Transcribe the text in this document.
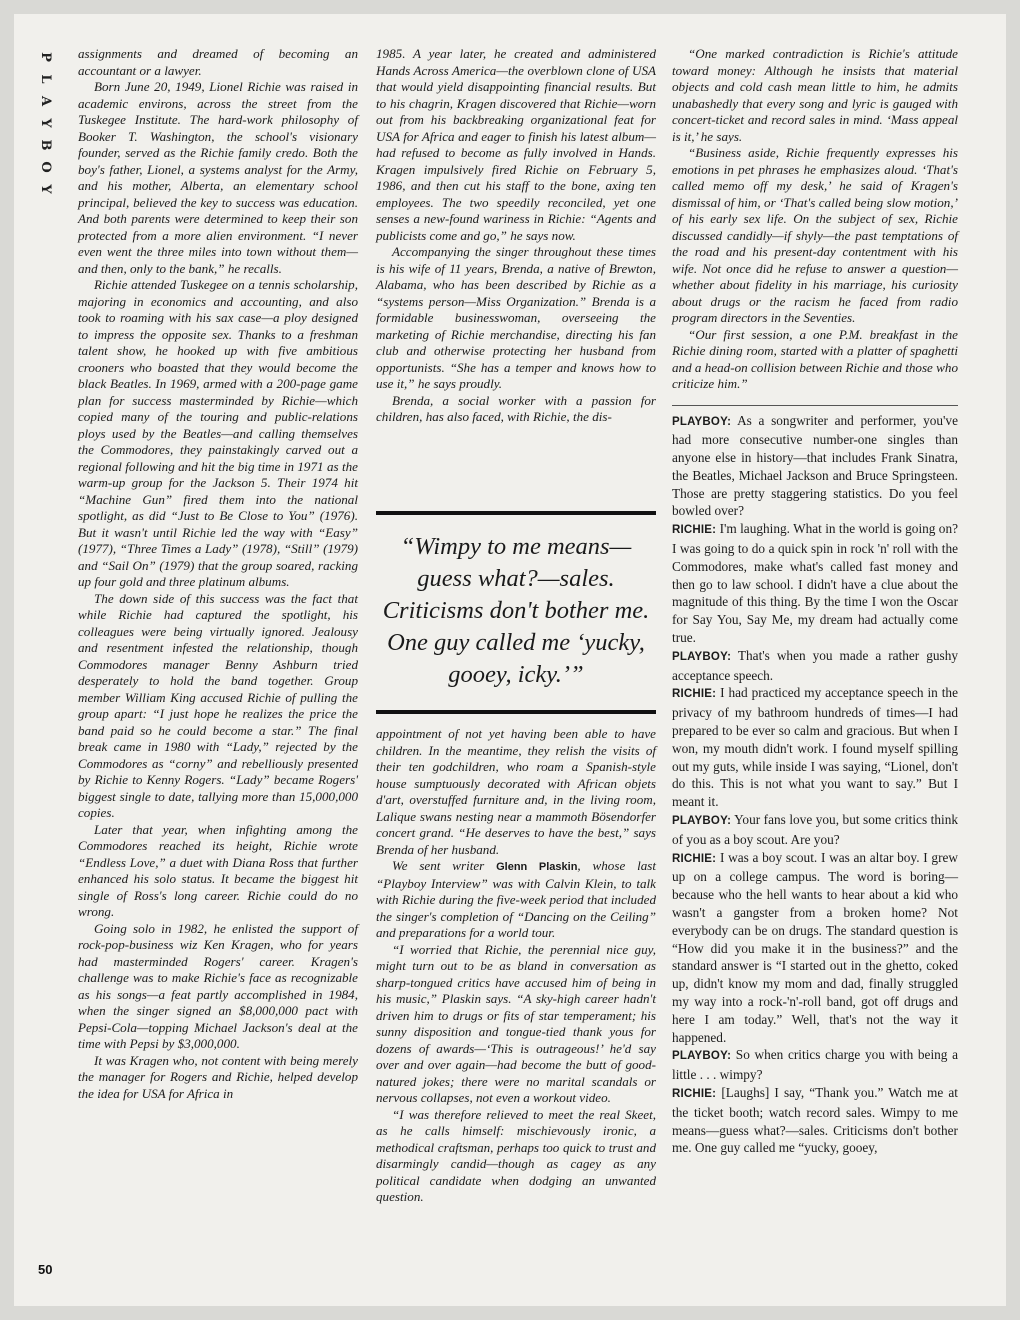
P
L
A
Y
B
O
Y
50

assignments and dreamed of becoming an accountant or a lawyer.

Born June 20, 1949, Lionel Richie was raised in academic environs, across the street from the Tuskegee Institute. The hard-work philosophy of Booker T. Washington, the school's visionary founder, served as the Richie family credo. Both the boy's father, Lionel, a systems analyst for the Army, and his mother, Alberta, an elementary school principal, believed the key to success was education. And both parents were determined to keep their son protected from a more alien environment. “I never even went the three miles into town without them—and then, only to the bank,” he recalls.

Richie attended Tuskegee on a tennis scholarship, majoring in economics and accounting, and also took to roaming with his sax case—a ploy designed to impress the opposite sex. Thanks to a freshman talent show, he hooked up with five ambitious crooners who boasted that they would become the black Beatles. In 1969, armed with a 200-page game plan for success masterminded by Richie—which copied many of the touring and public-relations ploys used by the Beatles—and calling themselves the Commodores, they painstakingly carved out a regional following and hit the big time in 1971 as the warm-up group for the Jackson 5. Their 1974 hit “Machine Gun” fired them into the national spotlight, as did “Just to Be Close to You” (1976). But it wasn't until Richie led the way with “Easy” (1977), “Three Times a Lady” (1978), “Still” (1979) and “Sail On” (1979) that the group soared, racking up four gold and three platinum albums.

The down side of this success was the fact that while Richie had captured the spotlight, his colleagues were being virtually ignored. Jealousy and resentment infested the relationship, though Commodores manager Benny Ashburn tried desperately to hold the band together. Group member William King accused Richie of pulling the group apart: “I just hope he realizes the price the band paid so he could become a star.” The final break came in 1980 with “Lady,” rejected by the Commodores as “corny” and rebelliously presented by Richie to Kenny Rogers. “Lady” became Rogers' biggest single to date, tallying more than 15,000,000 copies.

Later that year, when infighting among the Commodores reached its height, Richie wrote “Endless Love,” a duet with Diana Ross that further enhanced his solo status. It became the biggest hit single of Ross's long career. Richie could do no wrong.

Going solo in 1982, he enlisted the support of rock-pop-business wiz Ken Kragen, who for years had masterminded Rogers' career. Kragen's challenge was to make Richie's face as recognizable as his songs—a feat partly accomplished in 1984, when the singer signed an $8,000,000 pact with Pepsi-Cola—topping Michael Jackson's deal at the time with Pepsi by $3,000,000.

It was Kragen who, not content with being merely the manager for Rogers and Richie, helped develop the idea for USA for Africa in

1985. A year later, he created and administered Hands Across America—the overblown clone of USA that would yield disappointing financial results. But to his chagrin, Kragen discovered that Richie—worn out from his backbreaking organizational feat for USA for Africa and eager to finish his latest album—had refused to become as fully involved in Hands. Kragen impulsively fired Richie on February 5, 1986, and then cut his staff to the bone, axing ten employees. The two speedily reconciled, yet one senses a new-found wariness in Richie: “Agents and publicists come and go,” he says now.

Accompanying the singer throughout these times is his wife of 11 years, Brenda, a native of Brewton, Alabama, who has been described by Richie as a “systems person—Miss Organization.” Brenda is a formidable businesswoman, overseeing the marketing of Richie merchandise, directing his fan club and otherwise protecting her husband from opportunists. “She has a temper and knows how to use it,” he says proudly.

Brenda, a social worker with a passion for children, has also faced, with Richie, the dis-

“Wimpy to me means—guess what?—sales. Criticisms don't bother me. One guy called me ‘yucky, gooey, icky.’”

appointment of not yet having been able to have children. In the meantime, they relish the visits of their ten godchildren, who roam a Spanish-style house sumptuously decorated with African objets d'art, overstuffed furniture and, in the living room, Lalique swans nesting near a mammoth Bösendorfer concert grand. “He deserves to have the best,” says Brenda of her husband.

We sent writer Glenn Plaskin, whose last “Playboy Interview” was with Calvin Klein, to talk with Richie during the five-week period that included the singer's completion of “Dancing on the Ceiling” and preparations for a world tour.

“I worried that Richie, the perennial nice guy, might turn out to be as bland in conversation as sharp-tongued critics have accused him of being in his music,” Plaskin says. “A sky-high career hadn't driven him to drugs or fits of star temperament; his sunny disposition and tongue-tied thank yous for dozens of awards—‘This is outrageous!’ he'd say over and over again—had become the butt of good-natured jokes; there were no marital scandals or nervous collapses, not even a workout video.

“I was therefore relieved to meet the real Skeet, as he calls himself: mischievously ironic, a methodical craftsman, perhaps too quick to trust and disarmingly candid—though as cagey as any political candidate when dodging an unwanted question.

“One marked contradiction is Richie's attitude toward money: Although he insists that material objects and cold cash mean little to him, he admits unabashedly that every song and lyric is gauged with concert-ticket and record sales in mind. ‘Mass appeal is it,’ he says.

“Business aside, Richie frequently expresses his emotions in pet phrases he emphasizes aloud. ‘That's called memo off my desk,’ he said of Kragen's dismissal of him, or ‘That's called being slow motion,’ of his early sex life. On the subject of sex, Richie discussed candidly—if shyly—the past temptations of the road and his present-day contentment with his wife. Not once did he refuse to answer a question—whether about fidelity in his marriage, his curiosity about drugs or the racism he faced from radio program directors in the Seventies.

“Our first session, a one P.M. breakfast in the Richie dining room, started with a platter of spaghetti and a head-on collision between Richie and those who criticize him.”

PLAYBOY: As a songwriter and performer, you've had more consecutive number-one singles than anyone else in history—that includes Frank Sinatra, the Beatles, Michael Jackson and Bruce Springsteen. Those are pretty staggering statistics. Do you feel bowled over?

RICHIE: I'm laughing. What in the world is going on? I was going to do a quick spin in rock 'n' roll with the Commodores, make what's called fast money and then go to law school. I didn't have a clue about the magnitude of this thing. By the time I won the Oscar for Say You, Say Me, my dream had actually come true.

PLAYBOY: That's when you made a rather gushy acceptance speech.

RICHIE: I had practiced my acceptance speech in the privacy of my bathroom hundreds of times—I had prepared to be ever so calm and gracious. But when I won, my mouth didn't work. I found myself spilling out my guts, while inside I was saying, “Lionel, don't do this. This is not what you want to say.” But I meant it.

PLAYBOY: Your fans love you, but some critics think of you as a boy scout. Are you?

RICHIE: I was a boy scout. I was an altar boy. I grew up on a college campus. The word is boring—because who the hell wants to hear about a kid who wasn't a gangster from a broken home? Not everybody can be on drugs. The standard question is “How did you make it in the business?” and the standard answer is “I started out in the ghetto, coked up, didn't know my mom and dad, finally struggled my way into a rock-'n'-roll band, got off drugs and here I am today.” Well, that's not the way it happened.

PLAYBOY: So when critics charge you with being a little . . . wimpy?

RICHIE: [Laughs] I say, “Thank you.” Watch me at the ticket booth; watch record sales. Wimpy to me means—guess what?—sales. Criticisms don't bother me. One guy called me “yucky, gooey,
